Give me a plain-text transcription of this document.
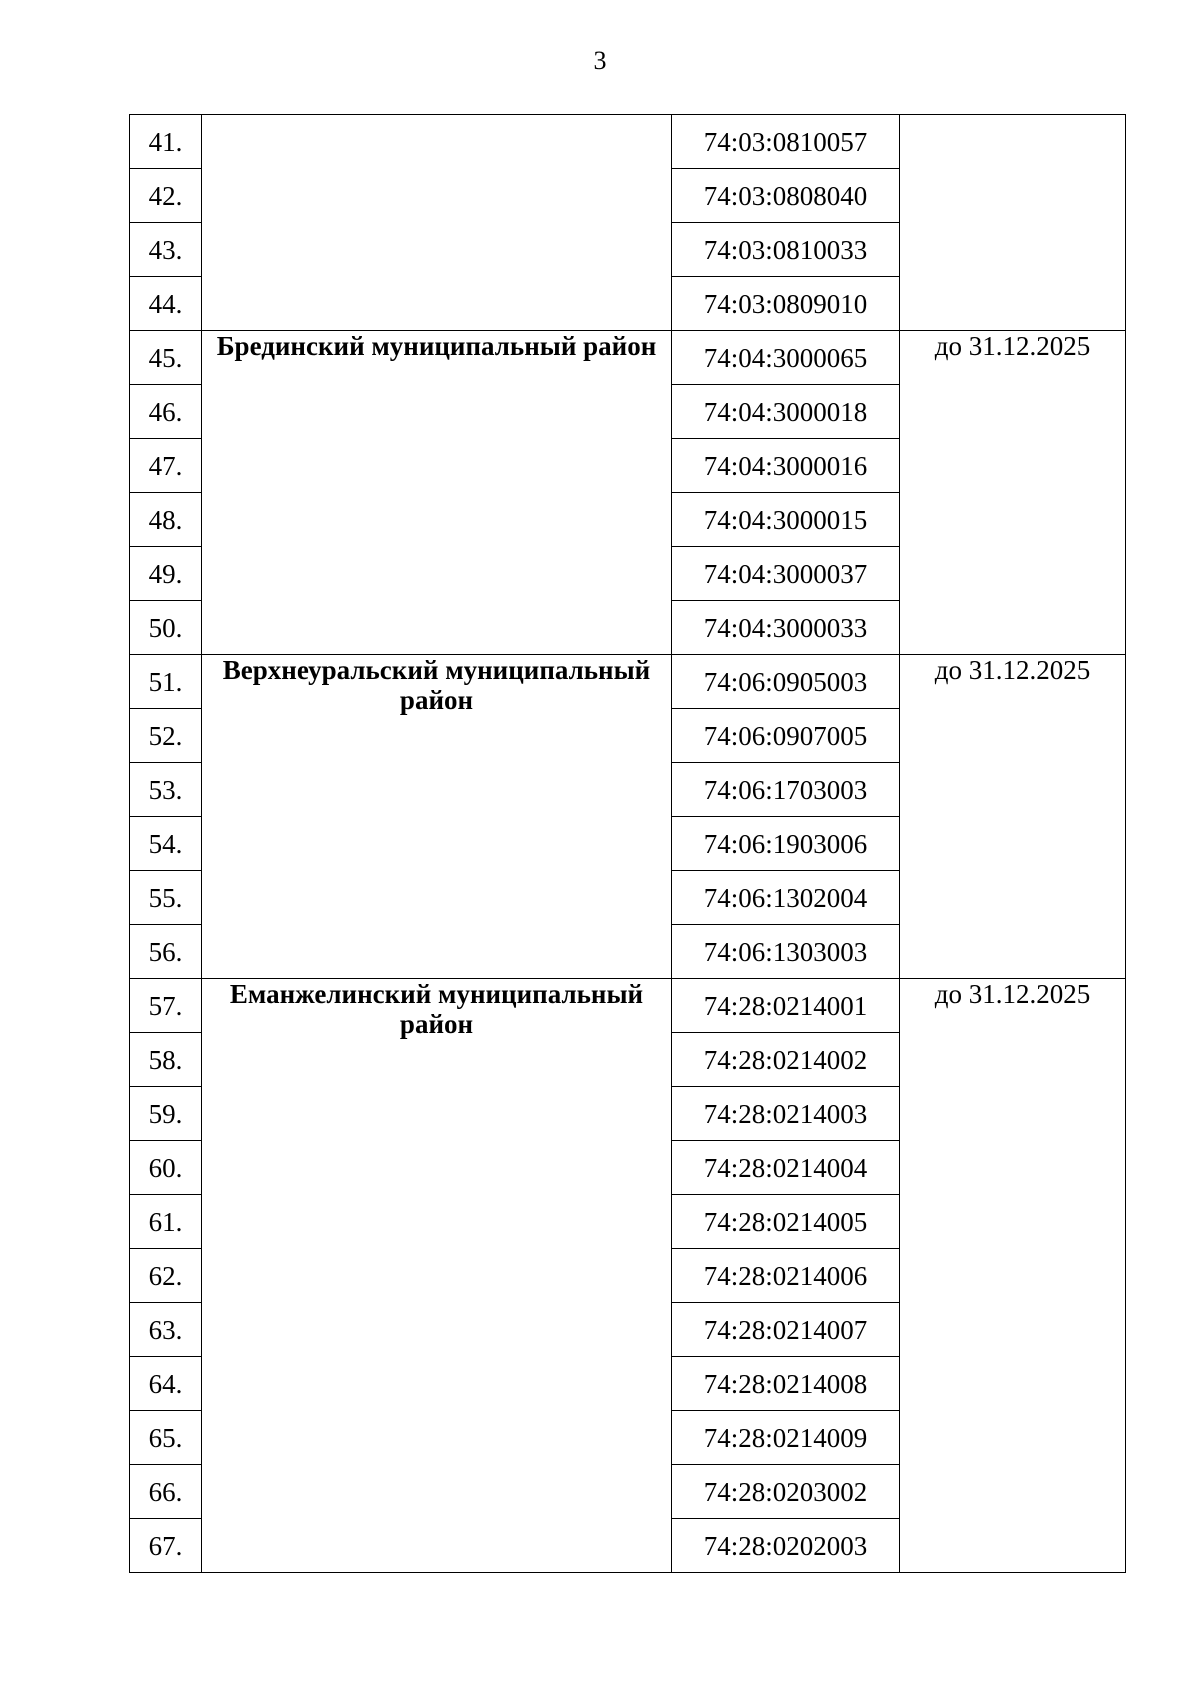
3
41.		74:03:0810057	
42.		74:03:0808040	
43.		74:03:0810033	
44.		74:03:0809010	
45.	Брединский муниципальный район	74:04:3000065	до 31.12.2025
46.		74:04:3000018	
47.		74:04:3000016	
48.		74:04:3000015	
49.		74:04:3000037	
50.		74:04:3000033	
51.	Верхнеуральский муниципальный район	74:06:0905003	до 31.12.2025
52.		74:06:0907005	
53.		74:06:1703003	
54.		74:06:1903006	
55.		74:06:1302004	
56.		74:06:1303003	
57.	Еманжелинский муниципальный район	74:28:0214001	до 31.12.2025
58.		74:28:0214002	
59.		74:28:0214003	
60.		74:28:0214004	
61.		74:28:0214005	
62.		74:28:0214006	
63.		74:28:0214007	
64.		74:28:0214008	
65.		74:28:0214009	
66.		74:28:0203002	
67.		74:28:0202003	
